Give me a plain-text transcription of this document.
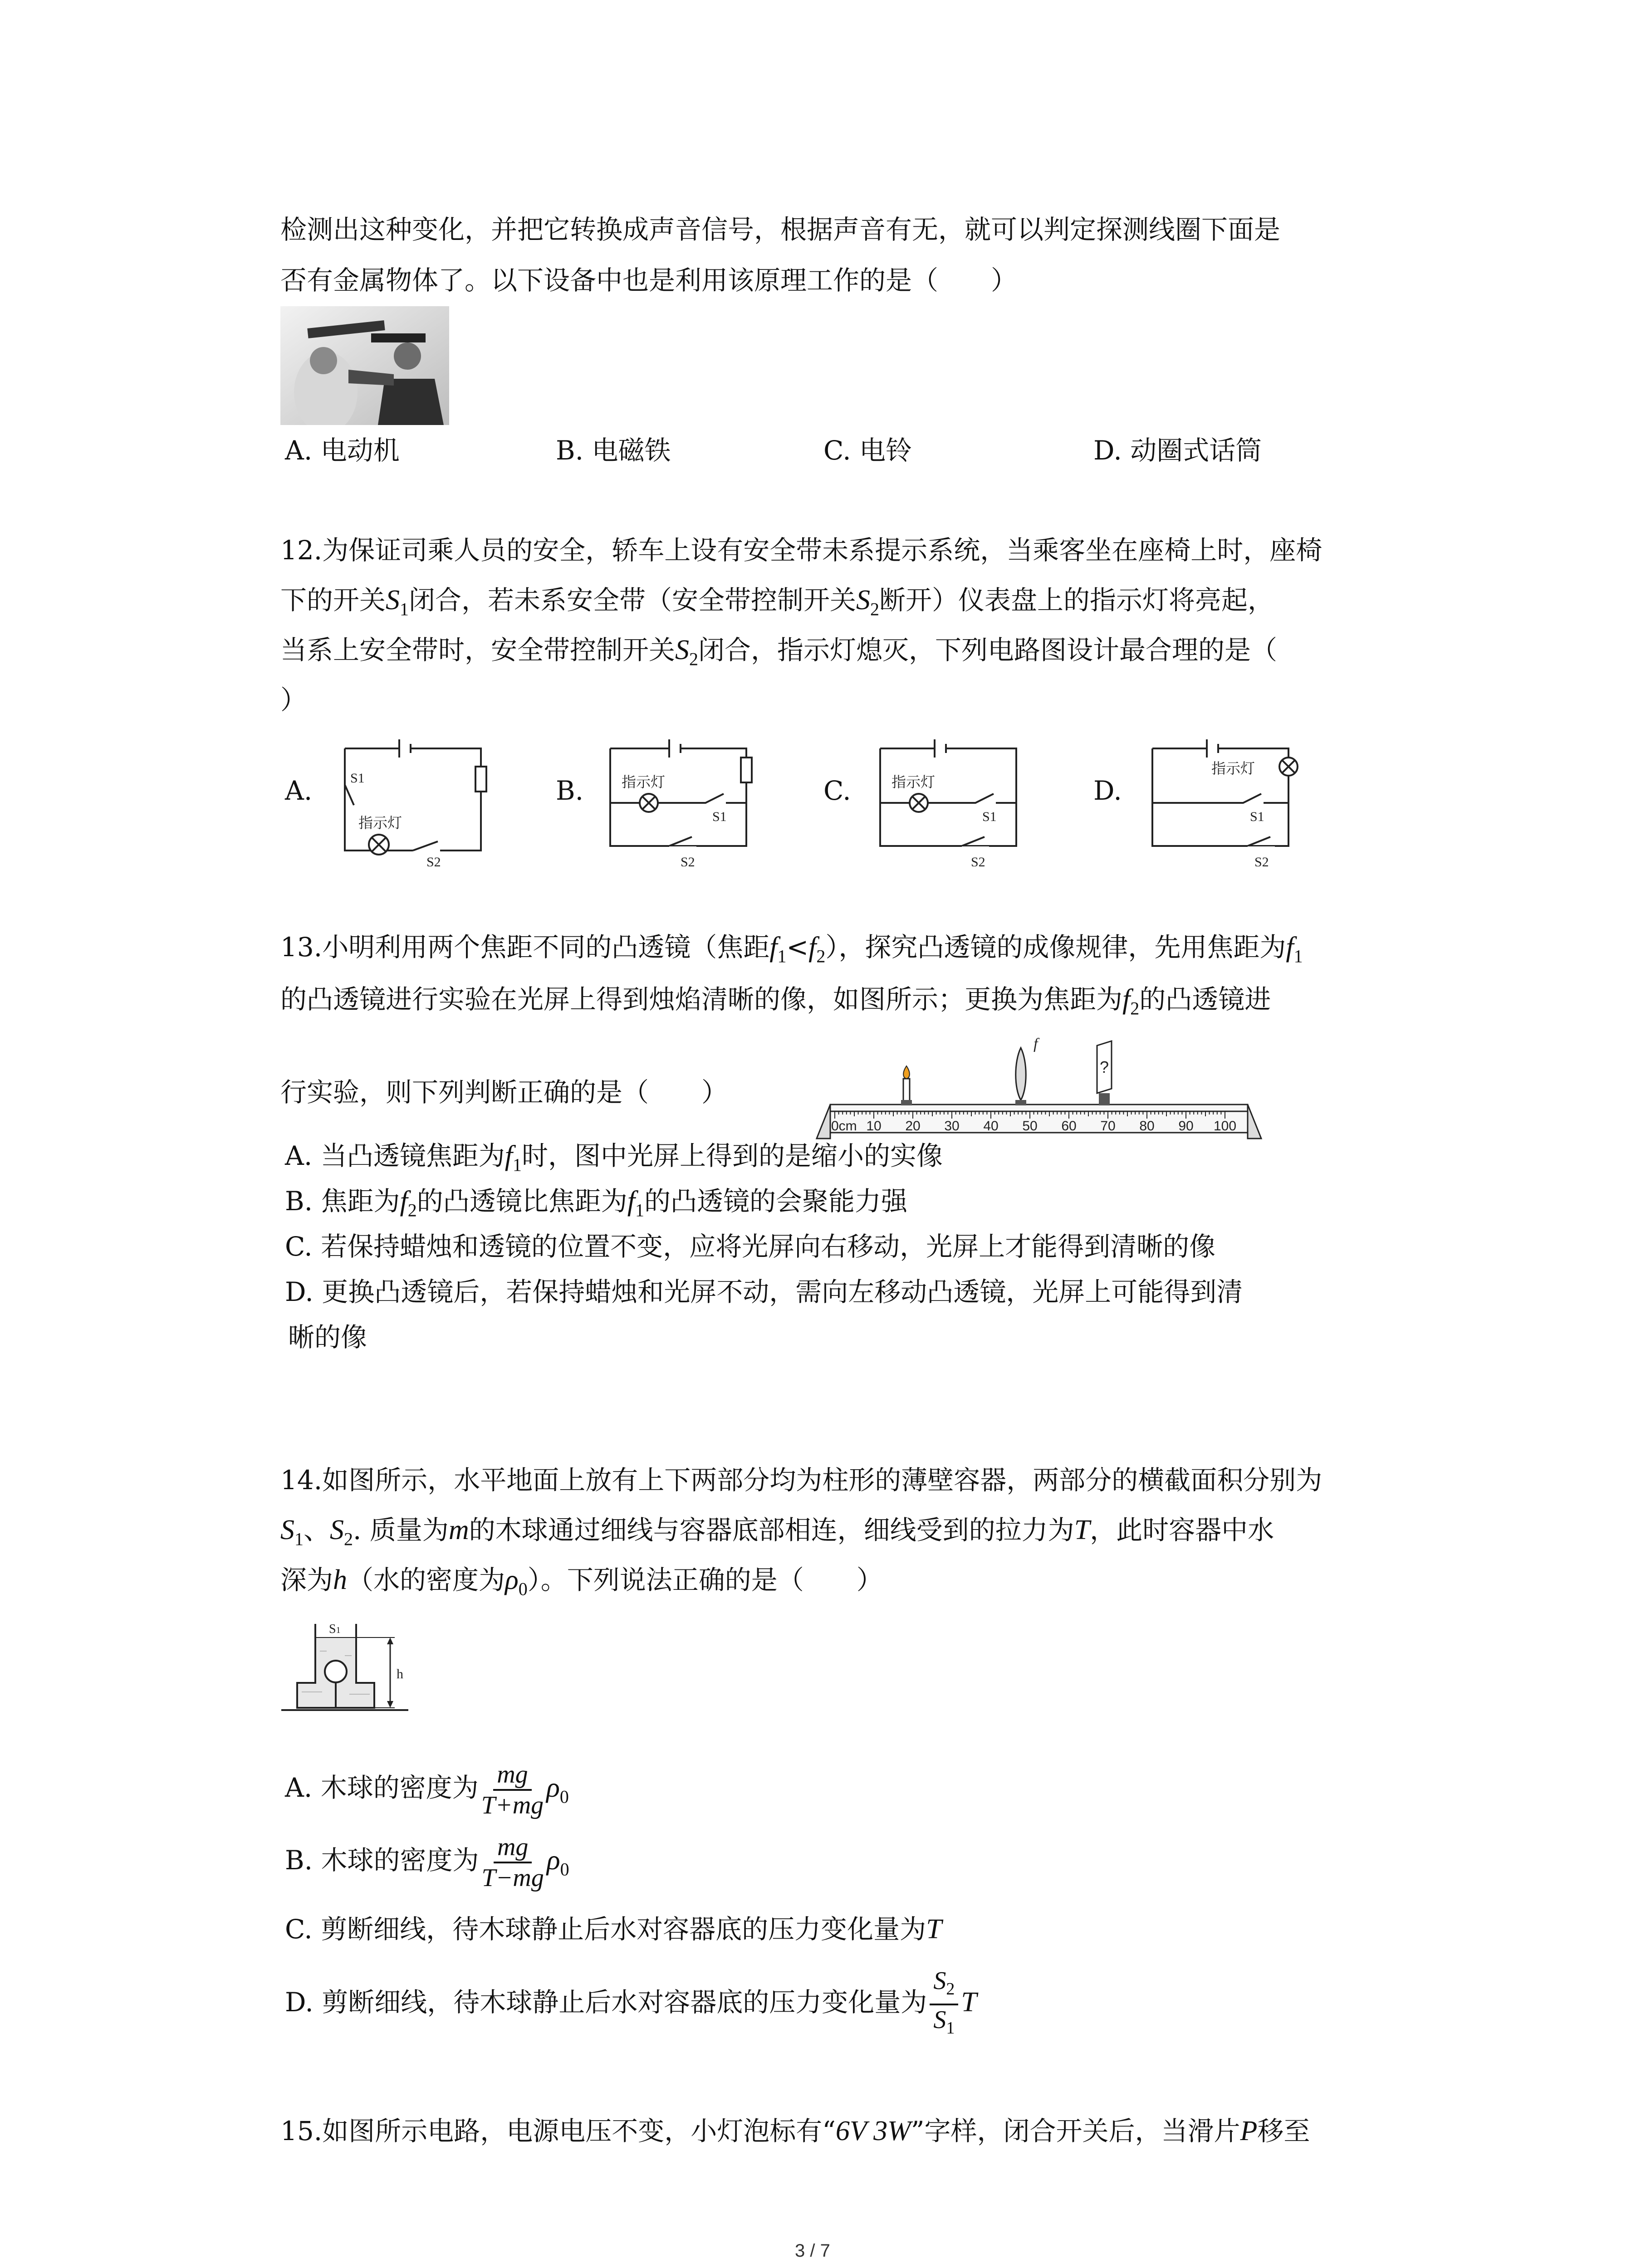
检测出这种变化，并把它转换成声音信号，根据声音有无，就可以判定探测线圈下面是
否有金属物体了。以下设备中也是利用该原理工作的是（　　）
A. 电动机	B. 电磁铁	C. 电铃	D. 动圈式话筒
12.为保证司乘人员的安全，轿车上设有安全带未系提示系统，当乘客坐在座椅上时，座椅
下的开关$S_1$闭合，若未系安全带（安全带控制开关$S_2$断开）仪表盘上的指示灯将亮起，
当系上安全带时，安全带控制开关$S_2$闭合，指示灯熄灭，下列电路图设计最合理的是（
）
A.	S1
指示灯
S2
B.	指示灯
S1
S2
C.	指示灯
S1
S2
D.
指示灯
S1
S2
13.小明利用两个焦距不同的凸透镜（焦距$f_1<f_2$），探究凸透镜的成像规律，先用焦距为$f_1$
的凸透镜进行实验在光屏上得到烛焰清晰的像，如图所示；更换为焦距为$f_2$的凸透镜进
行实验，则下列判断正确的是（　　）
f
?
0cm 10 20 30 40 50 60 70 80 90 100
A. 当凸透镜焦距为$f_1$时，图中光屏上得到的是缩小的实像
B. 焦距为$f_2$的凸透镜比焦距为$f_1$的凸透镜的会聚能力强
C. 若保持蜡烛和透镜的位置不变，应将光屏向右移动，光屏上才能得到清晰的像
D. 更换凸透镜后，若保持蜡烛和光屏不动，需向左移动凸透镜，光屏上可能得到清
晰的像
14.如图所示，水平地面上放有上下两部分均为柱形的薄壁容器，两部分的横截面积分别为
$S_1$、$S_2$. 质量为m的木球通过细线与容器底部相连，细线受到的拉力为T，此时容器中水
深为h（水的密度为$\rho_0$）。下列说法正确的是（　　）
S1
h
A. 木球的密度为 $\frac{mg}{T+mg} \rho_0$
B. 木球的密度为 $\frac{mg}{T-mg} \rho_0$
C. 剪断细线，待木球静止后水对容器底的压力变化量为T
D. 剪断细线，待木球静止后水对容器底的压力变化量为 $\frac{S_2}{S_1}$ T
15.如图所示电路，电源电压不变，小灯泡标有“6V 3W”字样，闭合开关后，当滑片P移至
3 / 7
